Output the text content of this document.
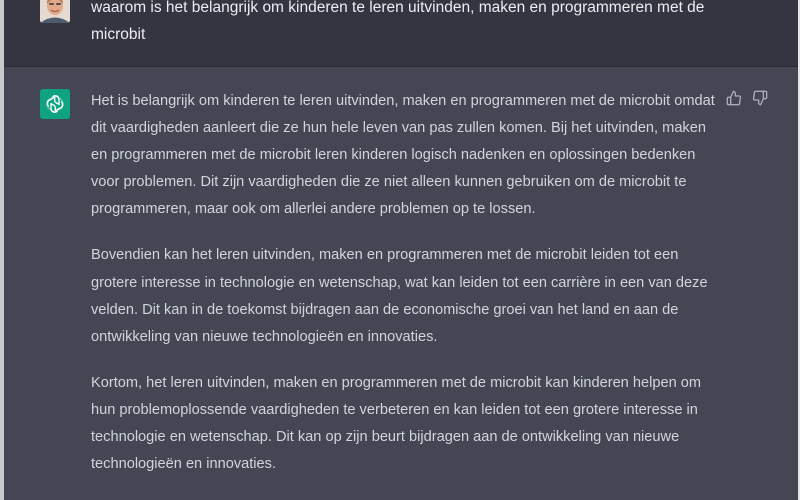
waarom is het belangrijk om kinderen te leren uitvinden, maken en programmeren met de microbit

Het is belangrijk om kinderen te leren uitvinden, maken en programmeren met de microbit omdat dit vaardigheden aanleert die ze hun hele leven van pas zullen komen. Bij het uitvinden, maken en programmeren met de microbit leren kinderen logisch nadenken en oplossingen bedenken voor problemen. Dit zijn vaardigheden die ze niet alleen kunnen gebruiken om de microbit te programmeren, maar ook om allerlei andere problemen op te lossen.

Bovendien kan het leren uitvinden, maken en programmeren met de microbit leiden tot een grotere interesse in technologie en wetenschap, wat kan leiden tot een carrière in een van deze velden. Dit kan in de toekomst bijdragen aan de economische groei van het land en aan de ontwikkeling van nieuwe technologieën en innovaties.

Kortom, het leren uitvinden, maken en programmeren met de microbit kan kinderen helpen om hun problemoplossende vaardigheden te verbeteren en kan leiden tot een grotere interesse in technologie en wetenschap. Dit kan op zijn beurt bijdragen aan de ontwikkeling van nieuwe technologieën en innovaties.
